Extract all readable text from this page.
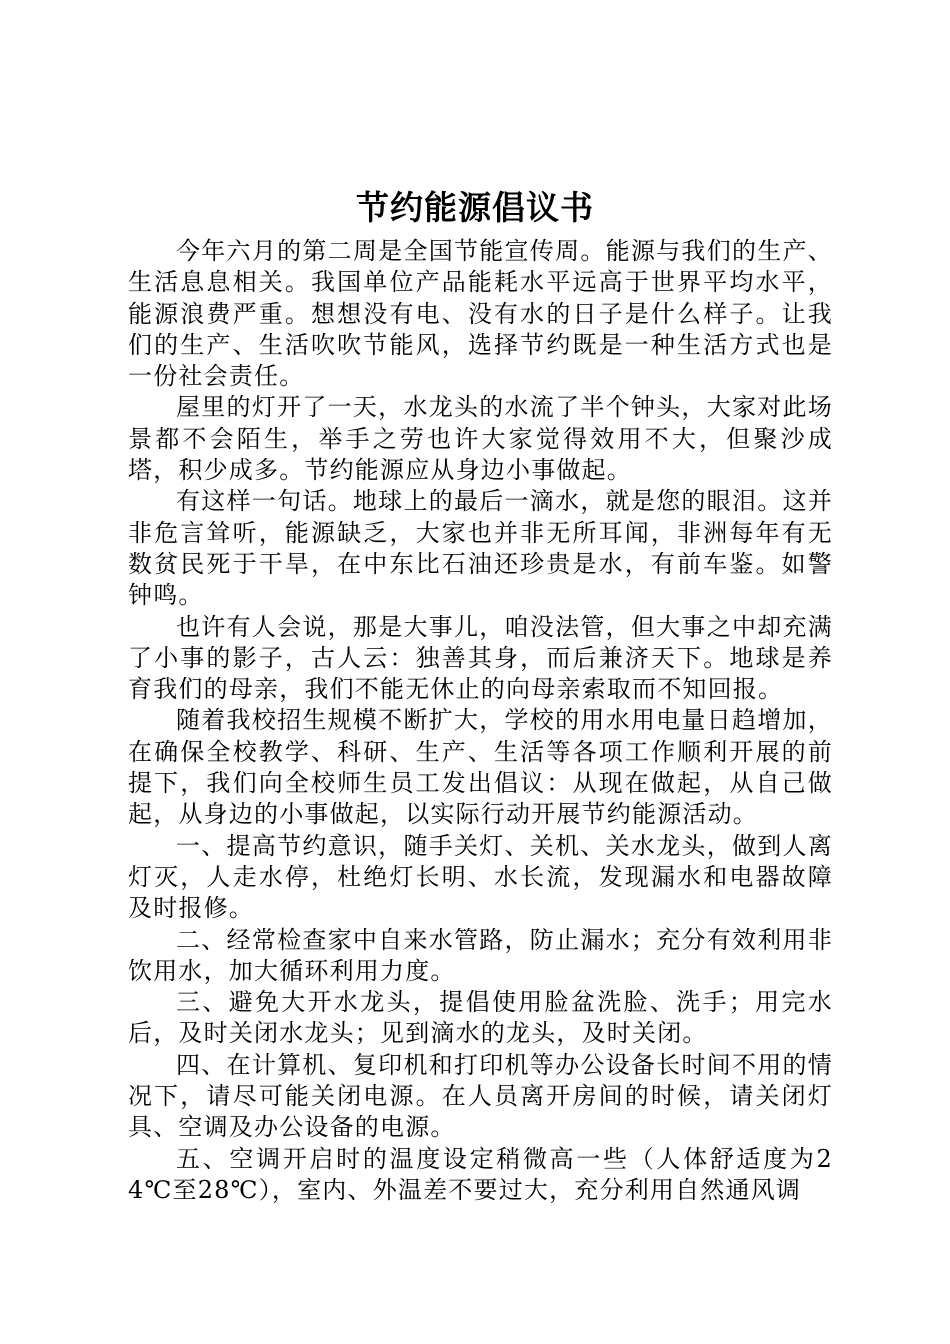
节约能源倡议书

今年六月的第二周是全国节能宣传周。能源与我们的生产、生活息息相关。我国单位产品能耗水平远高于世界平均水平，能源浪费严重。想想没有电、没有水的日子是什么样子。让我们的生产、生活吹吹节能风，选择节约既是一种生活方式也是一份社会责任。

屋里的灯开了一天，水龙头的水流了半个钟头，大家对此场景都不会陌生，举手之劳也许大家觉得效用不大，但聚沙成塔，积少成多。节约能源应从身边小事做起。

有这样一句话。地球上的最后一滴水，就是您的眼泪。这并非危言耸听，能源缺乏，大家也并非无所耳闻，非洲每年有无数贫民死于干旱，在中东比石油还珍贵是水，有前车鉴。如警钟鸣。

也许有人会说，那是大事儿，咱没法管，但大事之中却充满了小事的影子，古人云：独善其身，而后兼济天下。地球是养育我们的母亲，我们不能无休止的向母亲索取而不知回报。

随着我校招生规模不断扩大，学校的用水用电量日趋增加，在确保全校教学、科研、生产、生活等各项工作顺利开展的前提下，我们向全校师生员工发出倡议：从现在做起，从自己做起，从身边的小事做起，以实际行动开展节约能源活动。

一、提高节约意识，随手关灯、关机、关水龙头，做到人离灯灭，人走水停，杜绝灯长明、水长流，发现漏水和电器故障及时报修。

二、经常检查家中自来水管路，防止漏水；充分有效利用非饮用水，加大循环利用力度。

三、避免大开水龙头，提倡使用脸盆洗脸、洗手；用完水后，及时关闭水龙头；见到滴水的龙头，及时关闭。

四、在计算机、复印机和打印机等办公设备长时间不用的情况下，请尽可能关闭电源。在人员离开房间的时候，请关闭灯具、空调及办公设备的电源。

五、空调开启时的温度设定稍微高一些（人体舒适度为24℃至28℃），室内、外温差不要过大，充分利用自然通风调
